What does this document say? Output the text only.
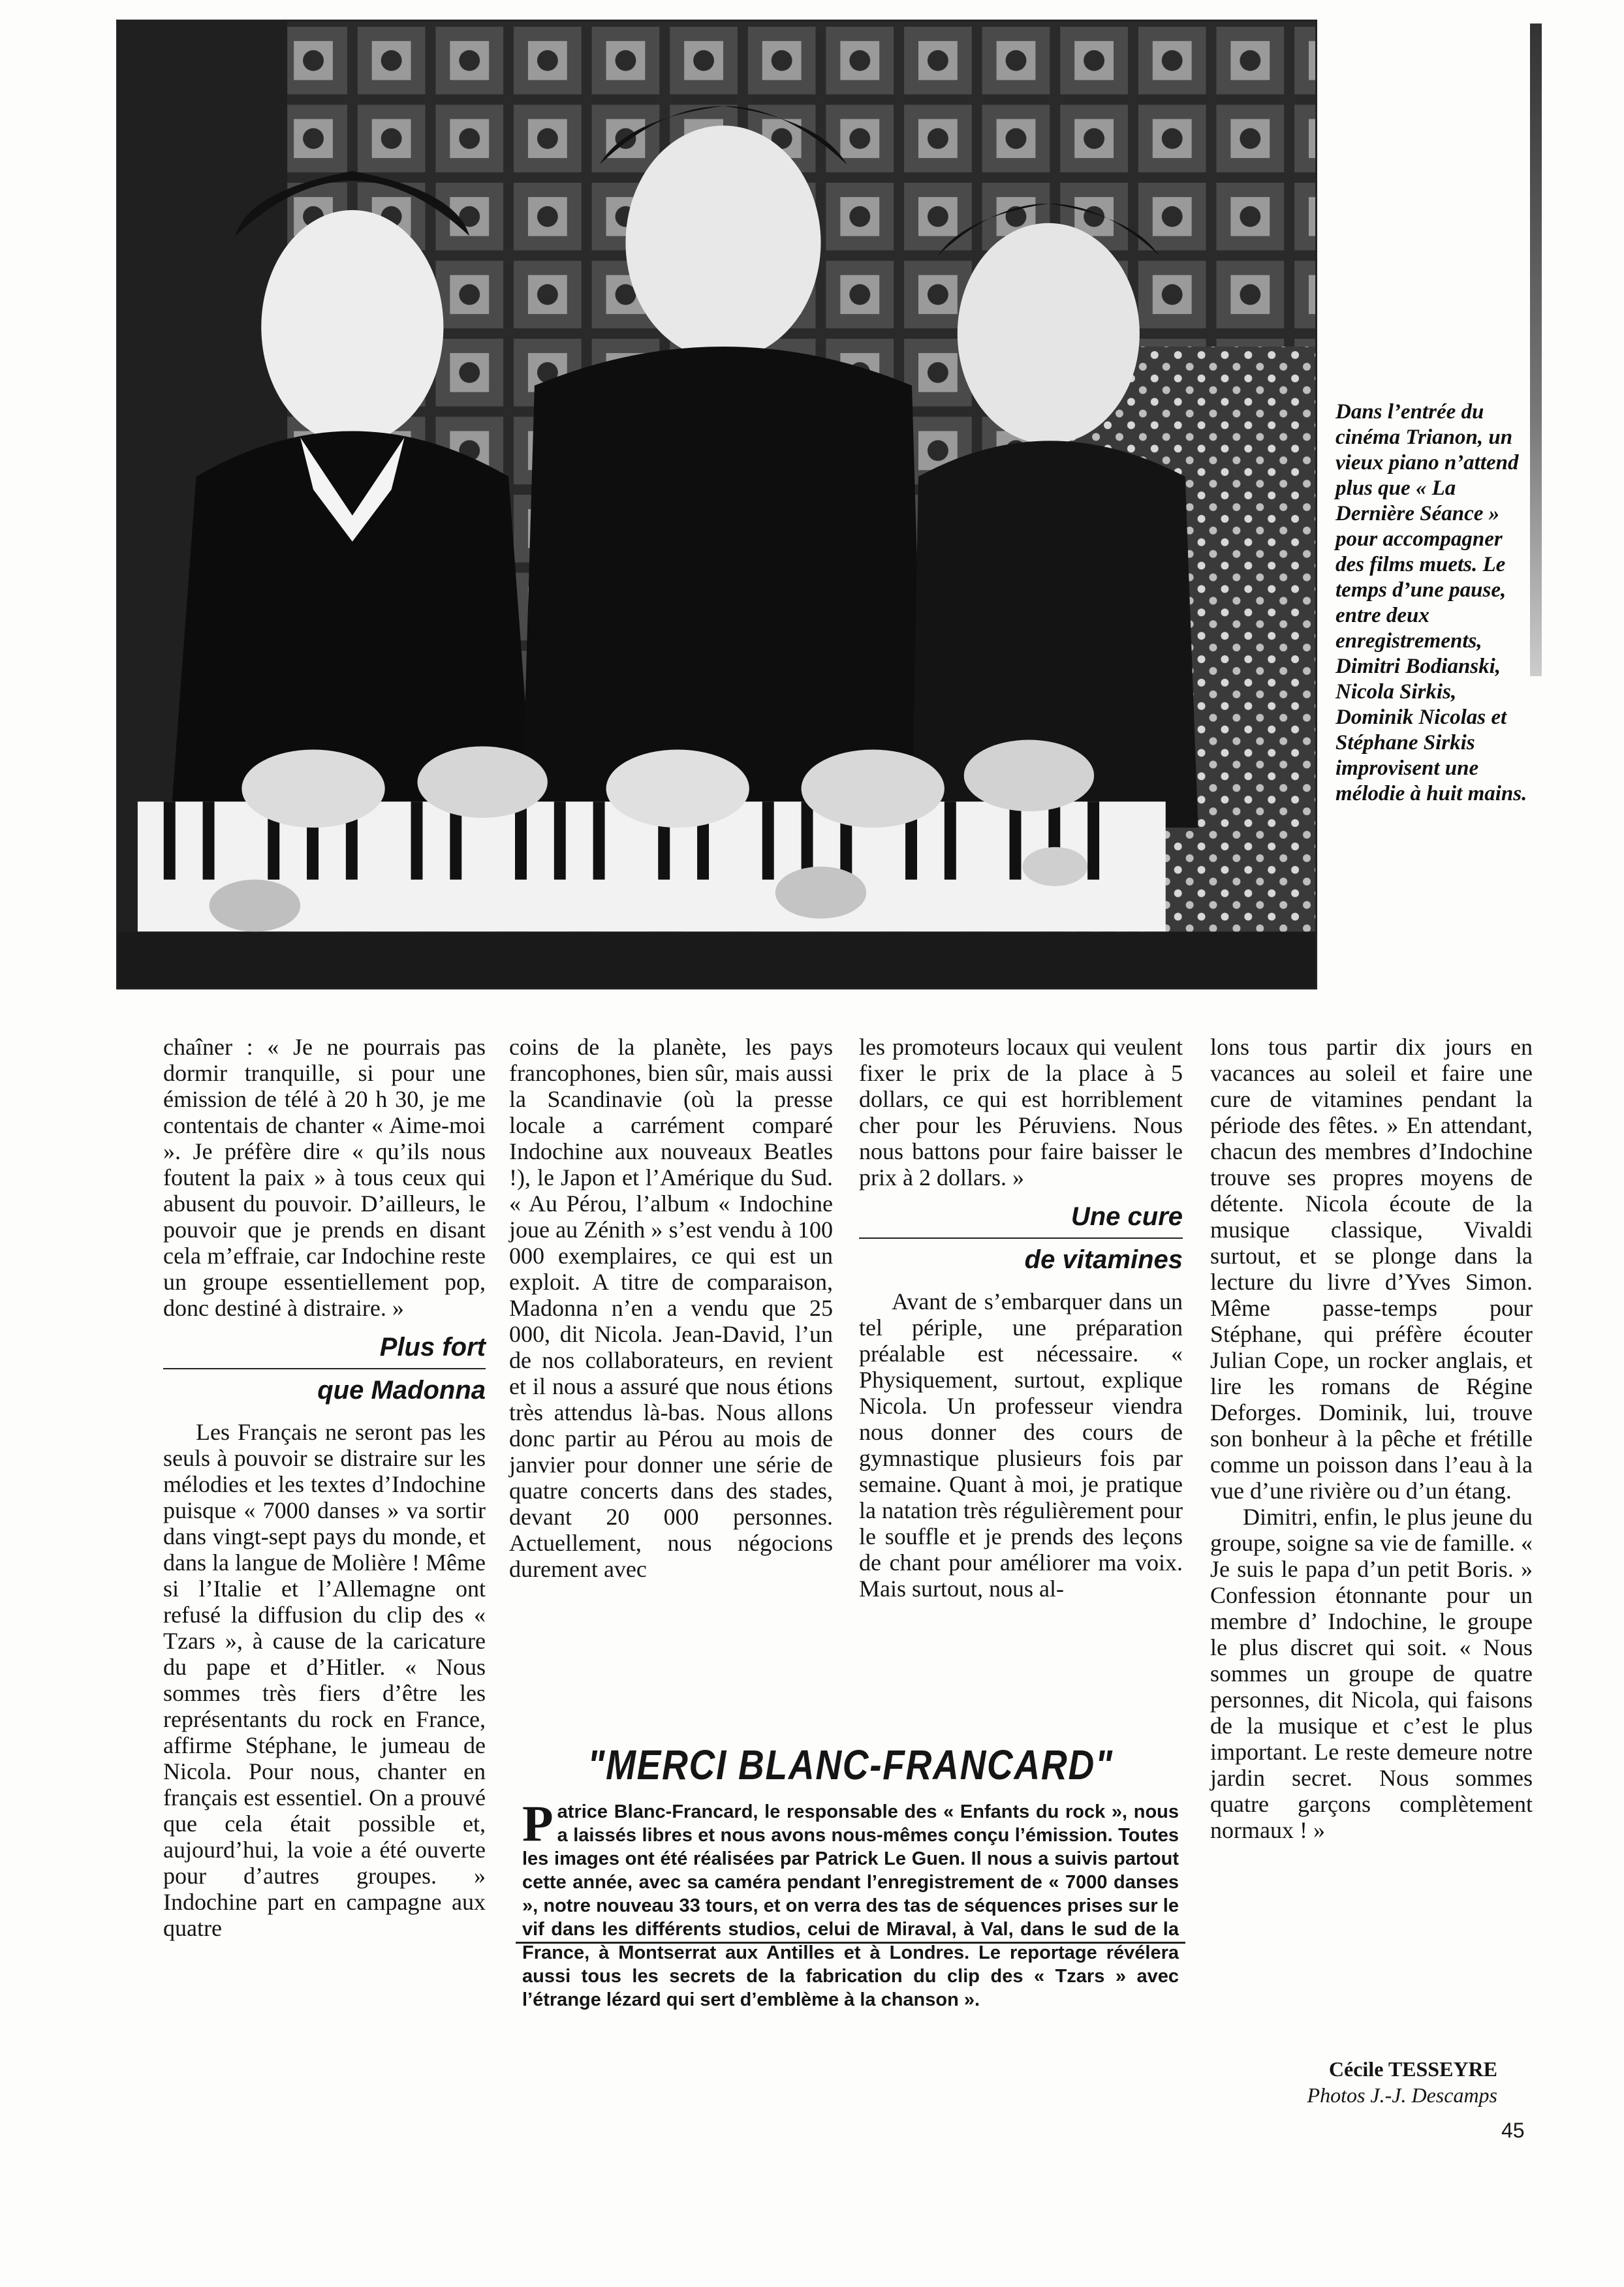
Dans l’entrée du cinéma Trianon, un vieux piano n’attend plus que « La Dernière Séance » pour accompagner des films muets. Le temps d’une pause, entre deux enregistrements, Dimitri Bodianski, Nicola Sirkis, Dominik Nicolas et Stéphane Sirkis improvisent une mélodie à huit mains.

chaîner : « Je ne pourrais pas dormir tranquille, si pour une émission de télé à 20 h 30, je me contentais de chanter « Aime-moi ». Je préfère dire « qu’ils nous foutent la paix » à tous ceux qui abusent du pouvoir. D’ailleurs, le pouvoir que je prends en disant cela m’effraie, car Indochine reste un groupe essentiellement pop, donc destiné à distraire. »

Plus fort
que Madonna

Les Français ne seront pas les seuls à pouvoir se distraire sur les mélodies et les textes d’Indochine puisque « 7000 danses » va sortir dans vingt-sept pays du monde, et dans la langue de Molière ! Même si l’Italie et l’Allemagne ont refusé la diffusion du clip des « Tzars », à cause de la caricature du pape et d’Hitler. « Nous sommes très fiers d’être les représentants du rock en France, affirme Stéphane, le jumeau de Nicola. Pour nous, chanter en français est essentiel. On a prouvé que cela était possible et, aujourd’hui, la voie a été ouverte pour d’autres groupes. » Indochine part en campagne aux quatre

coins de la planète, les pays francophones, bien sûr, mais aussi la Scandinavie (où la presse locale a carrément comparé Indochine aux nouveaux Beatles !), le Japon et l’Amérique du Sud. « Au Pérou, l’album « Indochine joue au Zénith » s’est vendu à 100 000 exemplaires, ce qui est un exploit. A titre de comparaison, Madonna n’en a vendu que 25 000, dit Nicola. Jean-David, l’un de nos collaborateurs, en revient et il nous a assuré que nous étions très attendus là-bas. Nous allons donc partir au Pérou au mois de janvier pour donner une série de quatre concerts dans des stades, devant 20 000 personnes. Actuellement, nous négocions durement avec

les promoteurs locaux qui veulent fixer le prix de la place à 5 dollars, ce qui est horriblement cher pour les Péruviens. Nous nous battons pour faire baisser le prix à 2 dollars. »

Une cure
de vitamines

Avant de s’embarquer dans un tel périple, une préparation préalable est nécessaire. « Physiquement, surtout, explique Nicola. Un professeur viendra nous donner des cours de gymnastique plusieurs fois par semaine. Quant à moi, je pratique la natation très régulièrement pour le souffle et je prends des leçons de chant pour améliorer ma voix. Mais surtout, nous al-

lons tous partir dix jours en vacances au soleil et faire une cure de vitamines pendant la période des fêtes. » En attendant, chacun des membres d’Indochine trouve ses propres moyens de détente. Nicola écoute de la musique classique, Vivaldi surtout, et se plonge dans la lecture du livre d’Yves Simon. Même passe-temps pour Stéphane, qui préfère écouter Julian Cope, un rocker anglais, et lire les romans de Régine Deforges. Dominik, lui, trouve son bonheur à la pêche et frétille comme un poisson dans l’eau à la vue d’une rivière ou d’un étang.

Dimitri, enfin, le plus jeune du groupe, soigne sa vie de famille. « Je suis le papa d’un petit Boris. » Confession étonnante pour un membre d’ Indochine, le groupe le plus discret qui soit. « Nous sommes un groupe de quatre personnes, dit Nicola, qui faisons de la musique et c’est le plus important. Le reste demeure notre jardin secret. Nous sommes quatre garçons complètement normaux ! »

"MERCI BLANC-FRANCARD"
Patrice Blanc-Francard, le responsable des « Enfants du rock », nous a laissés libres et nous avons nous-mêmes conçu l’émission. Toutes les images ont été réalisées par Patrick Le Guen. Il nous a suivis partout cette année, avec sa caméra pendant l’enregistrement de « 7000 danses », notre nouveau 33 tours, et on verra des tas de séquences prises sur le vif dans les différents studios, celui de Miraval, à Val, dans le sud de la France, à Montserrat aux Antilles et à Londres. Le reportage révélera aussi tous les secrets de la fabrication du clip des « Tzars » avec l’étrange lézard qui sert d’emblème à la chanson ».
Cécile TESSEYRE
Photos J.-J. Descamps
45
